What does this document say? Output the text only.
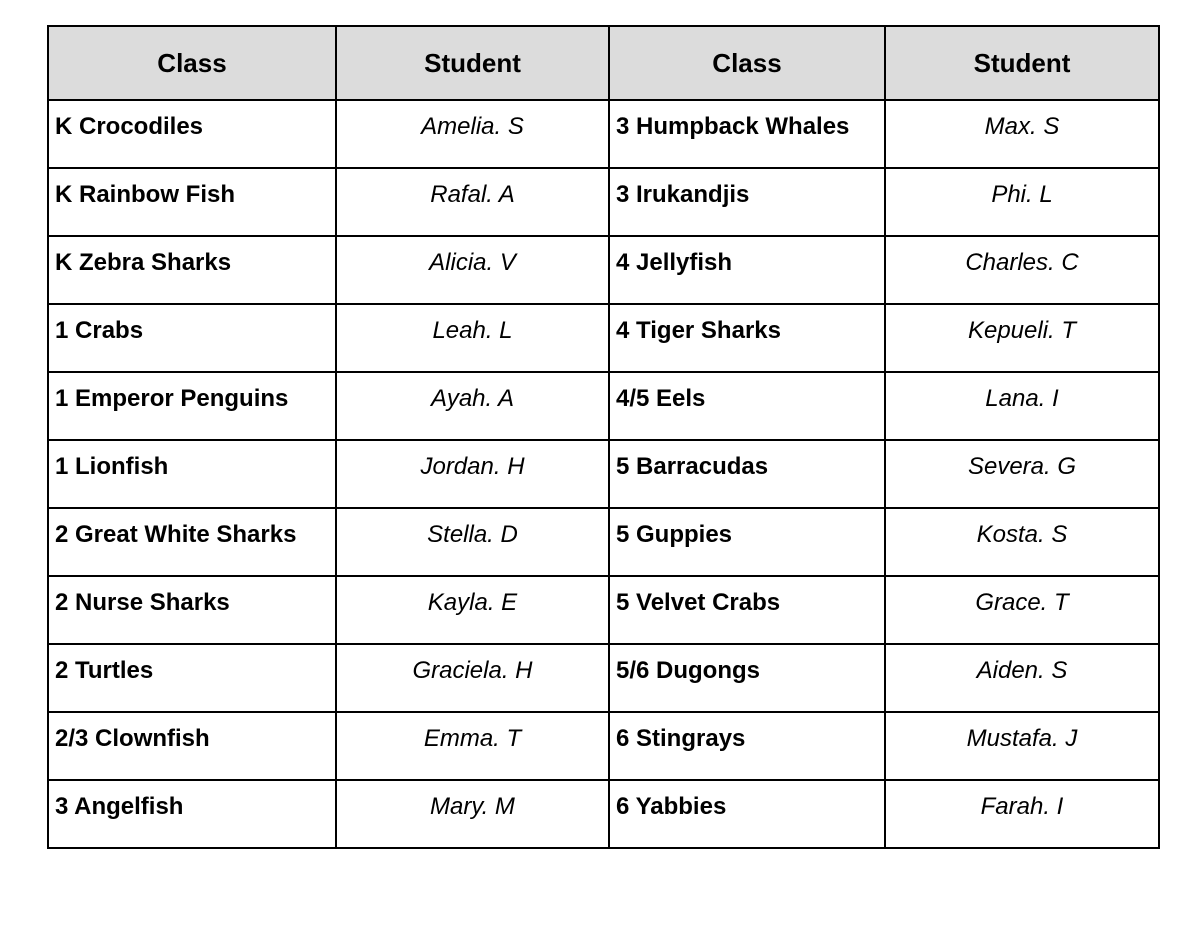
Class	Student	Class	Student
K Crocodiles	Amelia. S	3 Humpback Whales	Max. S
K Rainbow Fish	Rafal. A	3 Irukandjis	Phi. L
K Zebra Sharks	Alicia. V	4 Jellyfish	Charles. C
1 Crabs	Leah. L	4 Tiger Sharks	Kepueli. T
1 Emperor Penguins	Ayah. A	4/5 Eels	Lana. I
1 Lionfish	Jordan. H	5 Barracudas	Severa. G
2 Great White Sharks	Stella. D	5 Guppies	Kosta. S
2 Nurse Sharks	Kayla. E	5 Velvet Crabs	Grace. T
2 Turtles	Graciela. H	5/6 Dugongs	Aiden. S
2/3 Clownfish	Emma. T	6 Stingrays	Mustafa. J
3 Angelfish	Mary. M	6 Yabbies	Farah. I
